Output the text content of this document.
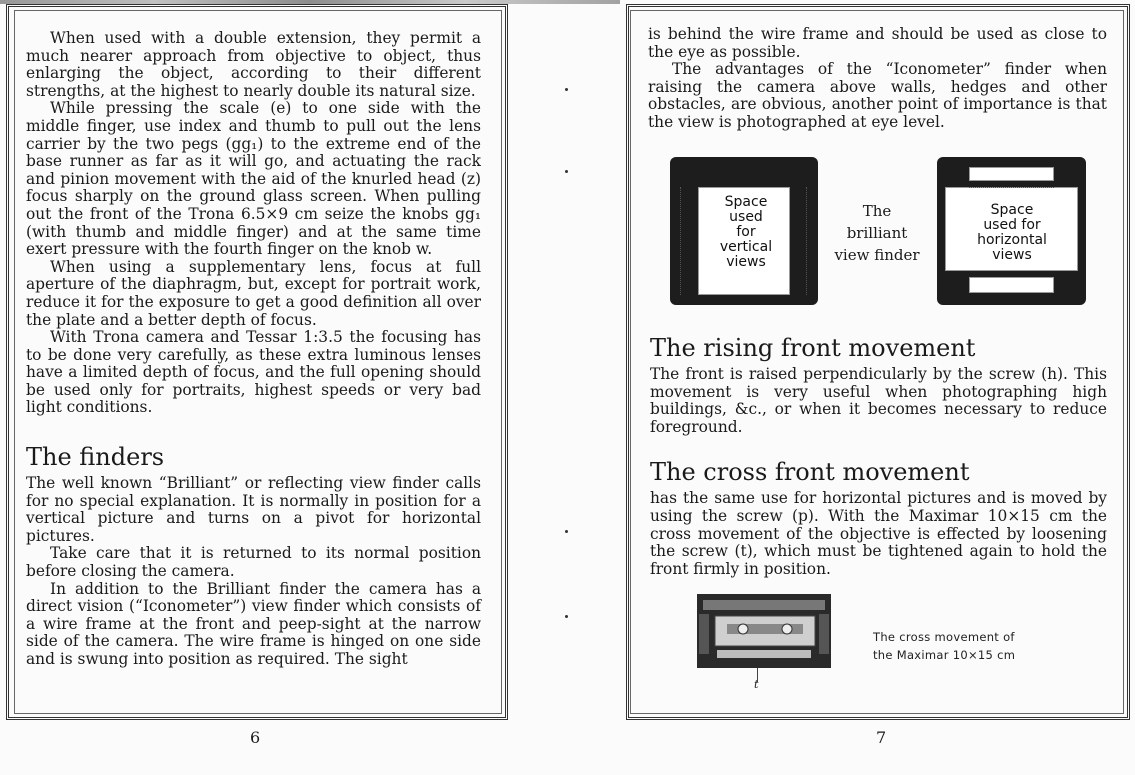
When used with a double extension, they permit a much nearer approach from objective to object, thus enlarging the object, according to their different strengths, at the highest to nearly double its natural size.

While pressing the scale (e) to one side with the middle finger, use index and thumb to pull out the lens carrier by the two pegs (gg₁) to the extreme end of the base runner as far as it will go, and actuating the rack and pinion movement with the aid of the knurled head (z) focus sharply on the ground glass screen. When pulling out the front of the Trona 6.5×9 cm seize the knobs gg₁ (with thumb and middle finger) and at the same time exert pressure with the fourth finger on the knob w.

When using a supplementary lens, focus at full aperture of the diaphragm, but, except for portrait work, reduce it for the exposure to get a good definition all over the plate and a better depth of focus.

With Trona camera and Tessar 1:3.5 the focusing has to be done very carefully, as these extra luminous lenses have a limited depth of focus, and the full opening should be used only for portraits, highest speeds or very bad light conditions.

The finders

The well known “Brilliant” or reflecting view finder calls for no special explanation. It is normally in position for a vertical picture and turns on a pivot for horizontal pictures.

Take care that it is returned to its normal position before closing the camera.

In addition to the Brilliant finder the camera has a direct vision (“Iconometer”) view finder which consists of a wire frame at the front and peep-sight at the narrow side of the camera. The wire frame is hinged on one side and is swung into position as required. The sight

6

is behind the wire frame and should be used as close to the eye as possible.

The advantages of the “Iconometer” finder when raising the camera above walls, hedges and other obstacles, are obvious, another point of importance is that the view is photographed at eye level.

Space
used
for
vertical
views
The
brilliant
view finder
Space
used for
horizontal
views
The rising front movement

The front is raised perpendicularly by the screw (h). This movement is very useful when photographing high buildings, &c., or when it becomes necessary to reduce foreground.

The cross front movement

has the same use for horizontal pictures and is moved by using the screw (p). With the Maximar 10×15 cm the cross movement of the objective is effected by loosening the screw (t), which must be tightened again to hold the front firmly in position.

The cross movement of
the Maximar 10×15 cm
t
7
